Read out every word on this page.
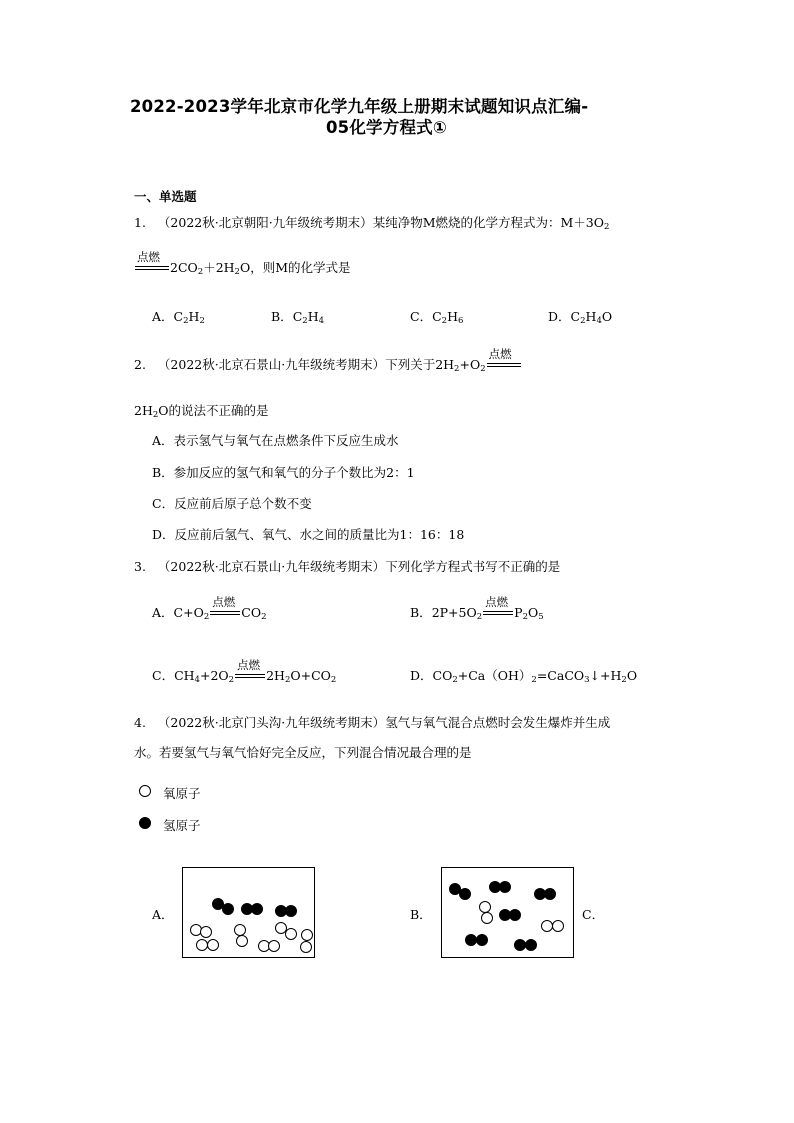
2022-2023学年北京市化学九年级上册期末试题知识点汇编-
05化学方程式①
一、单选题
1. （2022秋·北京朝阳·九年级统考期末）某纯净物M燃烧的化学方程式为：$M+3O_2$
点燃
$2CO_2+2H_2O$，则M的化学式是
A．$C_2H_2$	B．$C_2H_4$	C．$C_2H_6$	D．$C_2H_4O$
2. （2022秋·北京石景山·九年级统考期末）下列关于$2H_2+O_2$
点燃
$2H_2O$的说法不正确的是
A．表示氢气与氧气在点燃条件下反应生成水
B．参加反应的氢气和氧气的分子个数比为2：1
C．反应前后原子总个数不变
D．反应前后氢气、氧气、水之间的质量比为1：16：18
3. （2022秋·北京石景山·九年级统考期末）下列化学方程式书写不正确的是
A．$C+O_2$
点燃
$CO_2$	B．$2P+5O_2$
点燃
$P_2O_5$
C．$CH_4+2O_2$
点燃
$2H_2O+CO_2$	D．$CO_2+Ca(OH)_2=CaCO_3↓+H_2O$
4. （2022秋·北京门头沟·九年级统考期末）氢气与氧气混合点燃时会发生爆炸并生成
水。若要氢气与氧气恰好完全反应，下列混合情况最合理的是
氧原子
氢原子
A．	B．	C．
